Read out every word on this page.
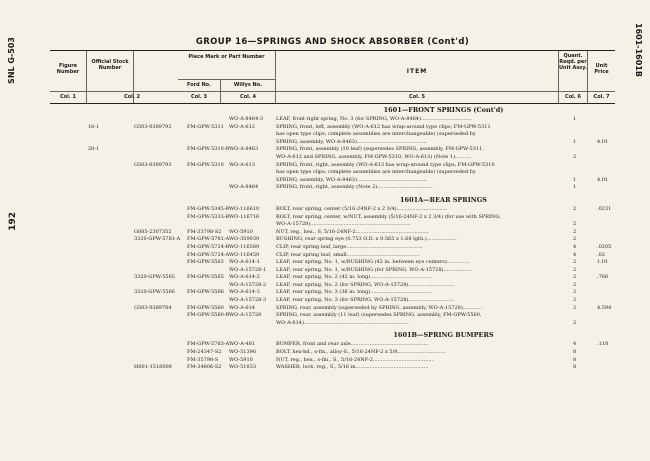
SNL G-503	1601-1601B
192
GROUP 16—SPRINGS AND SHOCK ABSORBER (Cont'd)
Figure Number
Official Stock Number
Piece Mark or Part Number
Ford No.	Willys No.
ITEM
Quant. Reqd. per Unit Assy.	Unit Price
Col. 1	Col. 2	Col. 3	Col. 4	Col. 5	Col. 6	Col. 7
1601—FRONT SPRINGS (Cont'd)
WO-A-8464-3	LEAF, front right spring, No. 3 (for SPRING, WO-A-8464)................................	1
16-1	G503-0389792	FM-GPW-5311 WO-A-612	SPRING, front, left, assembly (WO-A-612 has wrap-around type clips; FM-GPW-5311
has open type clips; complete assemblies are interchangeable) (superseded by
SPRING, assembly, WO-A-8463)............................................	1	4.01
20-1	FM-GPW-5310-B WO-A-8463	SPRING, front, assembly (10 leaf) (supersedes SPRING, assembly, FM-GPW-5311,
WO-A-612 and SPRING, assembly, FM-GPW-5310, WO-A-613) (Note 1)..........	2
G503-0389793	FM-GPW-5310 WO-A-613	SPRING, front, right, assembly (WO-A-613 has wrap-around type clips; FM-GPW-5310
has open type clips; complete assemblies are interchangeable) (superseded by
SPRING, assembly, WO-A-8463)............................................	1	4.01
WO-A-8464	SPRING, front, right, assembly (Note 2)...................................	1
1601A—REAR SPRINGS
FM-GPW-5345-B WO-116610	BOLT, rear spring, center (5/16-24NF-2 x 2 3/4)................................	2	.0231
FM-GPW-5333-B WO-116716	BOLT, rear spring, center, w/NUT, assembly (5/16-24NF-2 x 2 3/4) (for use with SPRING,
WO-A-15728)...............................................................	2
G085-2307352	FM-33798-S2 WO-5910	NUT, reg., hex., S, 5/16-24NF-2..............................................	2
3320-GPW-5781-A FM-GPW-5781-A WO-359039	BUSHING, rear spring eye (0.753 O.D. x 0.565 x 1.68 lgth.)...................	2
FM-GPW-5724-B WO-116589	CLIP, rear spring leaf, large................................................	4	.0205
FM-GPW-5724-A WO-116459	CLIP, rear spring leaf, small..............................................	4	.02
FM-GPW-5563 WO-A-614-1	LEAF, rear spring, No. 1, w/BUSHING (42 in. between eye centers)..............	2	1.01
WO-A-15728-1 LEAF, rear spring, No. 1, w/BUSHING (for SPRING, WO-A-15728)..................	2
3320-GPW-5565 FM-GPW-5565 WO-A-614-2	LEAF, rear spring, No. 2 (42 in. long).......................................	2	.766
WO-A-15728-2 LEAF, rear spring, No. 2 (for SPRING, WO-A-15728).............................	2
3320-GPW-5566 FM-GPW-5566 WO-A-614-3	LEAF, rear spring, No. 3 (36 in. long).......................................	2
WO-A-15728-3 LEAF, rear spring, No. 3 (for SPRING, WO-A-15728).............................	2
G503-0389784	FM-GPW-5560 WO-A-614	SPRING, rear, assembly (superseded by SPRING, assembly, WO-A-15728)............	2	4.594
FM-GPW-5560-B WO-A-15728	SPRING, rear, assembly (11 leaf) (supersedes SPRING, assembly, FM-GPW-5560,
WO-A-614)..................................................................	2
1601B—SPRING BUMPERS
FM-GPW-5783-A WO-A-481	BUMPER, front and rear axle.................................................	4	.118
FM-24347-S2 WO-51396	BOLT, hex-hd., s-fin., alloy-S., 5/16-24NF-2 x 5/8..............................	8
FM-35798-S WO-5910	NUT, reg., hex., s-fin., S., 5/16-24NF-2......................................	8
H001-1518008	FM-34806-S2 WO-51833	WASHER, lock, reg., S., 5/16 in..............................................	8
